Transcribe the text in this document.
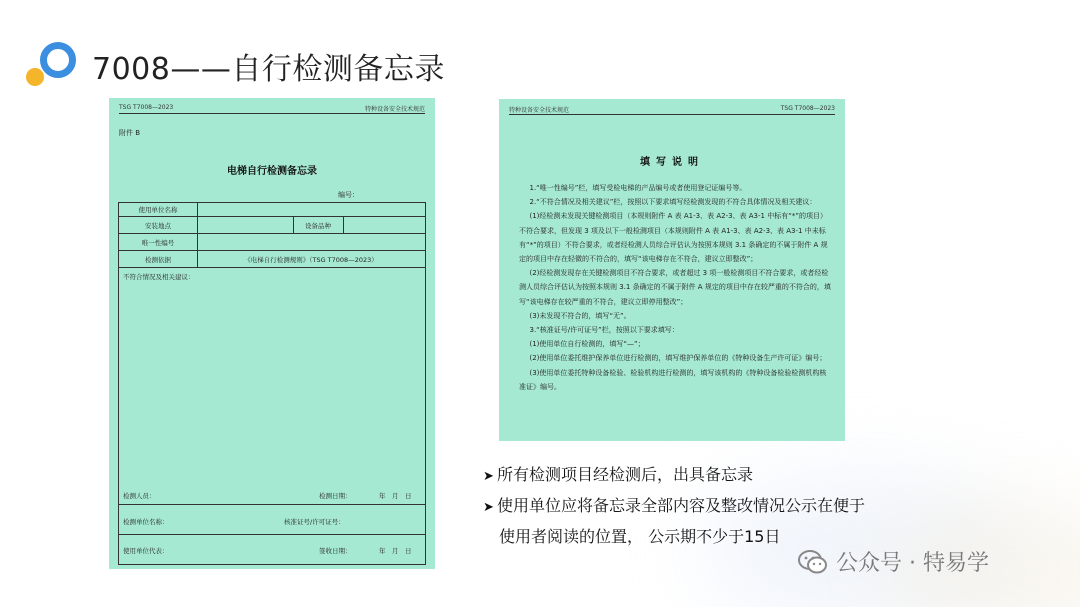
7008——自行检测备忘录
TSG T7008—2023	特种设备安全技术规范
附件 B
电梯自行检测备忘录
编号：
使用单位名称
安装地点	设备品种
唯一性编号
检测依据	《电梯自行检测规则》（TSG T7008—2023）
不符合情况及相关建议：
检测人员：	检测日期：	年　月　日
检测单位名称：	核准证号/许可证号：
使用单位代表：	签收日期：	年　月　日
特种设备安全技术规范	TSG T7008—2023
填写说明

1.“唯一性编号”栏，填写受检电梯的产品编号或者使用登记证编号等。

2.“不符合情况及相关建议”栏，按照以下要求填写经检测发现的不符合具体情况及相关建议：

(1)经检测未发现关键检测项目（本规则附件 A 表 A1-3、表 A2-3、表 A3-1 中标有“*”的项目）不符合要求，但发现 3 项及以下一般检测项目（本规则附件 A 表 A1-3、表 A2-3、表 A3-1 中未标有“*”的项目）不符合要求，或者经检测人员综合评估认为按照本规则 3.1 条确定的不属于附件 A 规定的项目中存在轻微的不符合的，填写“该电梯存在不符合，建议立即整改”；

(2)经检测发现存在关键检测项目不符合要求，或者超过 3 项一般检测项目不符合要求，或者经检测人员综合评估认为按照本规则 3.1 条确定的不属于附件 A 规定的项目中存在较严重的不符合的，填写“该电梯存在较严重的不符合，建议立即停用整改”；

(3)未发现不符合的，填写“无”。

3.“核准证号/许可证号”栏，按照以下要求填写：

(1)使用单位自行检测的，填写“—”；

(2)使用单位委托维护保养单位进行检测的，填写维护保养单位的《特种设备生产许可证》编号；

(3)使用单位委托特种设备检验、检验机构进行检测的，填写该机构的《特种设备检验检测机构核准证》编号。

➤ 所有检测项目经检测后，出具备忘录
➤ 使用单位应将备忘录全部内容及整改情况公示在便于
使用者阅读的位置， 公示期不少于15日
公众号 · 特易学
